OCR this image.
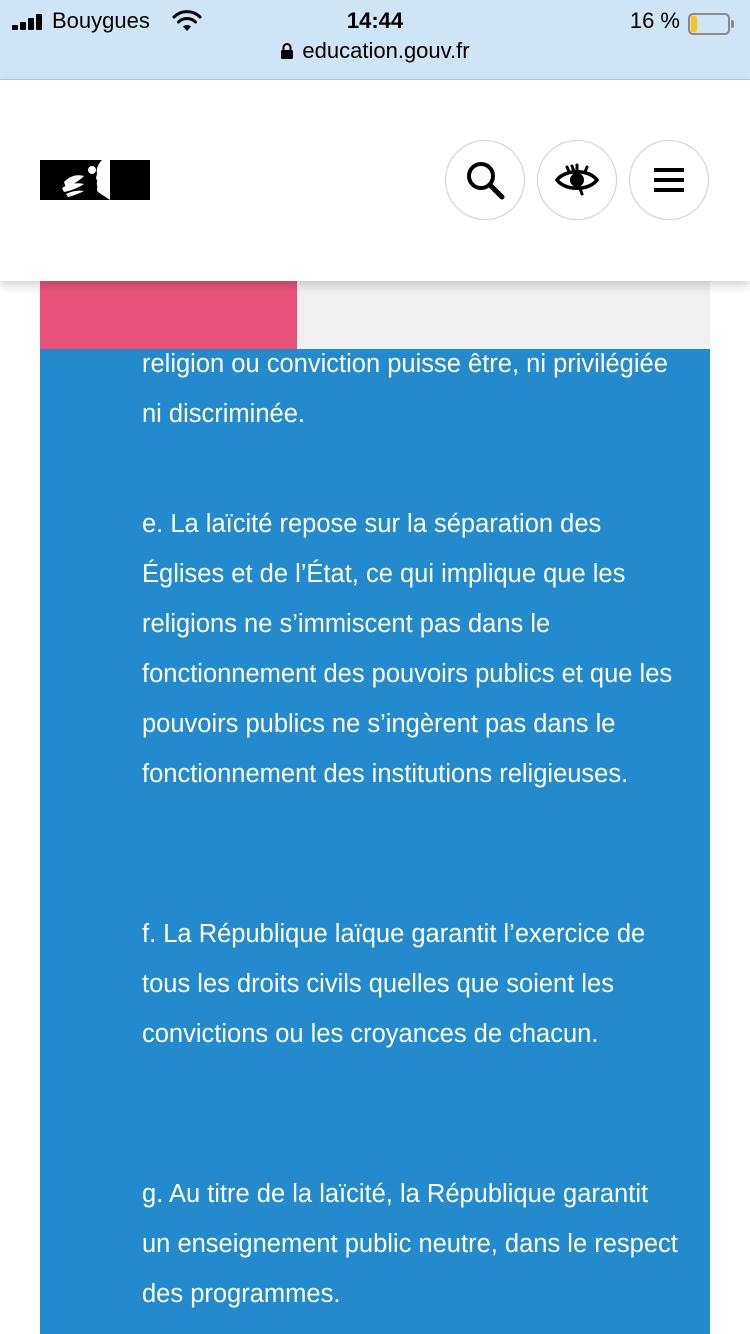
Bouygues	14:44	16 %
education.gouv.fr

religion ou conviction puisse être, ni privilégiée ni discriminée.

e. La laïcité repose sur la séparation des Églises et de l’État, ce qui implique que les religions ne s’immiscent pas dans le fonctionnement des pouvoirs publics et que les pouvoirs publics ne s’ingèrent pas dans le fonctionnement des institutions religieuses.

f. La République laïque garantit l’exercice de tous les droits civils quelles que soient les convictions ou les croyances de chacun.

g. Au titre de la laïcité, la République garantit un enseignement public neutre, dans le respect des programmes.
